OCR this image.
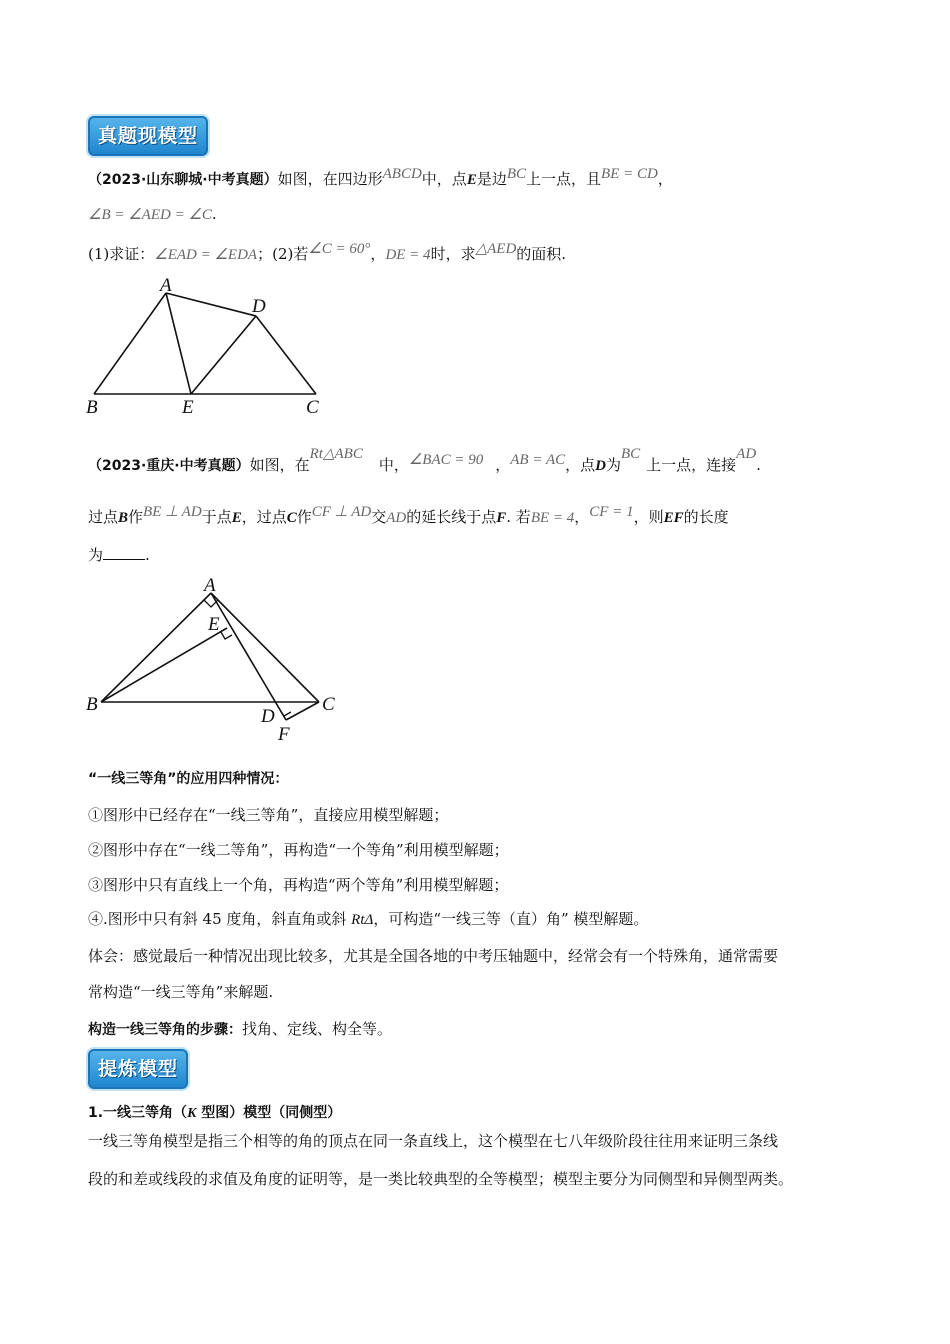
真题现模型
（2023·山东聊城·中考真题）如图，在四边形ABCD中，点E是边BC上一点，且BE = CD，
∠B = ∠AED = ∠C.
(1)求证：∠EAD = ∠EDA；(2)若∠C = 60°，DE = 4时，求△AED的面积.
A
D
B	E	C
（2023·重庆·中考真题）如图，在Rt△ABC中，∠BAC = 90 ，AB = AC，点D为BC上一点，连接AD.
过点B作BE ⊥ AD于点E，过点C作CF ⊥ AD交AD的延长线于点F. 若BE = 4，CF = 1，则EF的长度
为	.
A
E
B
D
C
F
“一线三等角”的应用四种情况：
①图形中已经存在“一线三等角”，直接应用模型解题；
②图形中存在“一线二等角”，再构造“一个等角”利用模型解题；
③图形中只有直线上一个角，再构造“两个等角”利用模型解题；
④.图形中只有斜 45 度角，斜直角或斜 RtΔ，可构造“一线三等（直）角” 模型解题。
体会：感觉最后一种情况出现比较多，尤其是全国各地的中考压轴题中，经常会有一个特殊角，通常需要
常构造“一线三等角”来解题.
构造一线三等角的步骤：找角、定线、构全等。
提炼模型
1.一线三等角（K 型图）模型（同侧型）
一线三等角模型是指三个相等的角的顶点在同一条直线上，这个模型在七八年级阶段往往用来证明三条线
段的和差或线段的求值及角度的证明等，是一类比较典型的全等模型；模型主要分为同侧型和异侧型两类。
